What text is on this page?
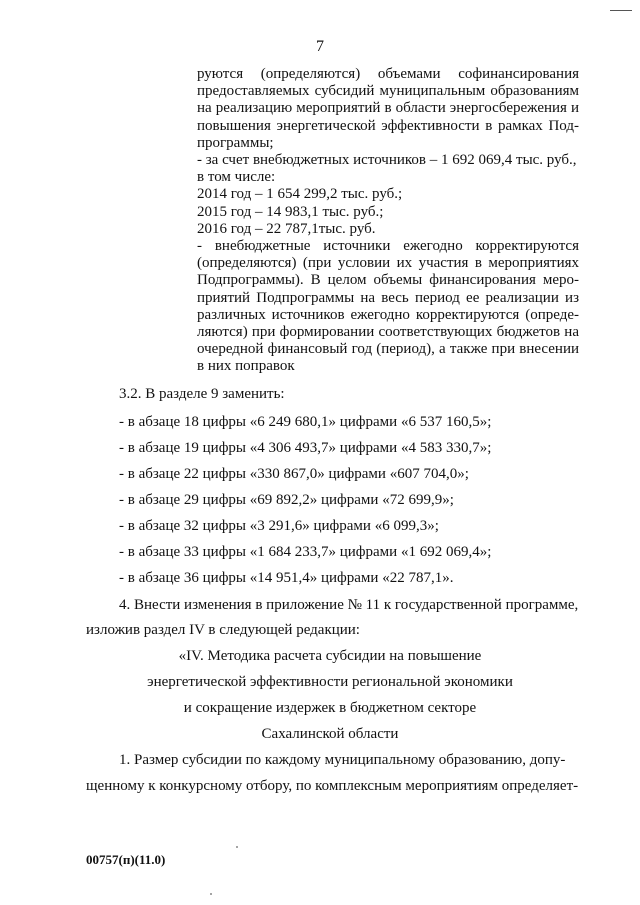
7

руются (определяются) объемами софинансирования

предоставляемых субсидий муниципальным образованиям

на реализацию мероприятий в области энергосбережения и

повышения энергетической эффективности в рамках Под-

программы;

- за счет внебюджетных источников – 1 692 069,4 тыс. руб.,

в том числе:

2014 год – 1 654 299,2 тыс. руб.;

2015 год – 14 983,1 тыс. руб.;

2016 год – 22 787,1тыс. руб.

- внебюджетные источники ежегодно корректируются

(определяются) (при условии их участия в мероприятиях

Подпрограммы). В целом объемы финансирования меро-

приятий Подпрограммы на весь период ее реализации из

различных источников ежегодно корректируются (опреде-

ляются) при формировании соответствующих бюджетов на

очередной финансовый год (период), а также при внесении

в них поправок

3.2. В разделе 9 заменить:
- в абзаце 18 цифры «6 249 680,1» цифрами «6 537 160,5»;
- в абзаце 19 цифры «4 306 493,7» цифрами «4 583 330,7»;
- в абзаце 22 цифры «330 867,0» цифрами «607 704,0»;
- в абзаце 29 цифры «69 892,2» цифрами «72 699,9»;
- в абзаце 32 цифры «3 291,6» цифрами «6 099,3»;
- в абзаце 33 цифры «1 684 233,7» цифрами «1 692 069,4»;
- в абзаце 36 цифры «14 951,4» цифрами «22 787,1».
4. Внести изменения в приложение № 11 к государственной программе,
изложив раздел IV в следующей редакции:
«IV. Методика расчета субсидии на повышение
энергетической эффективности региональной экономики
и сокращение издержек в бюджетном секторе
Сахалинской области
1. Размер субсидии по каждому муниципальному образованию, допу-
щенному к конкурсному отбору, по комплексным мероприятиям определяет-
00757(п)(11.0)
